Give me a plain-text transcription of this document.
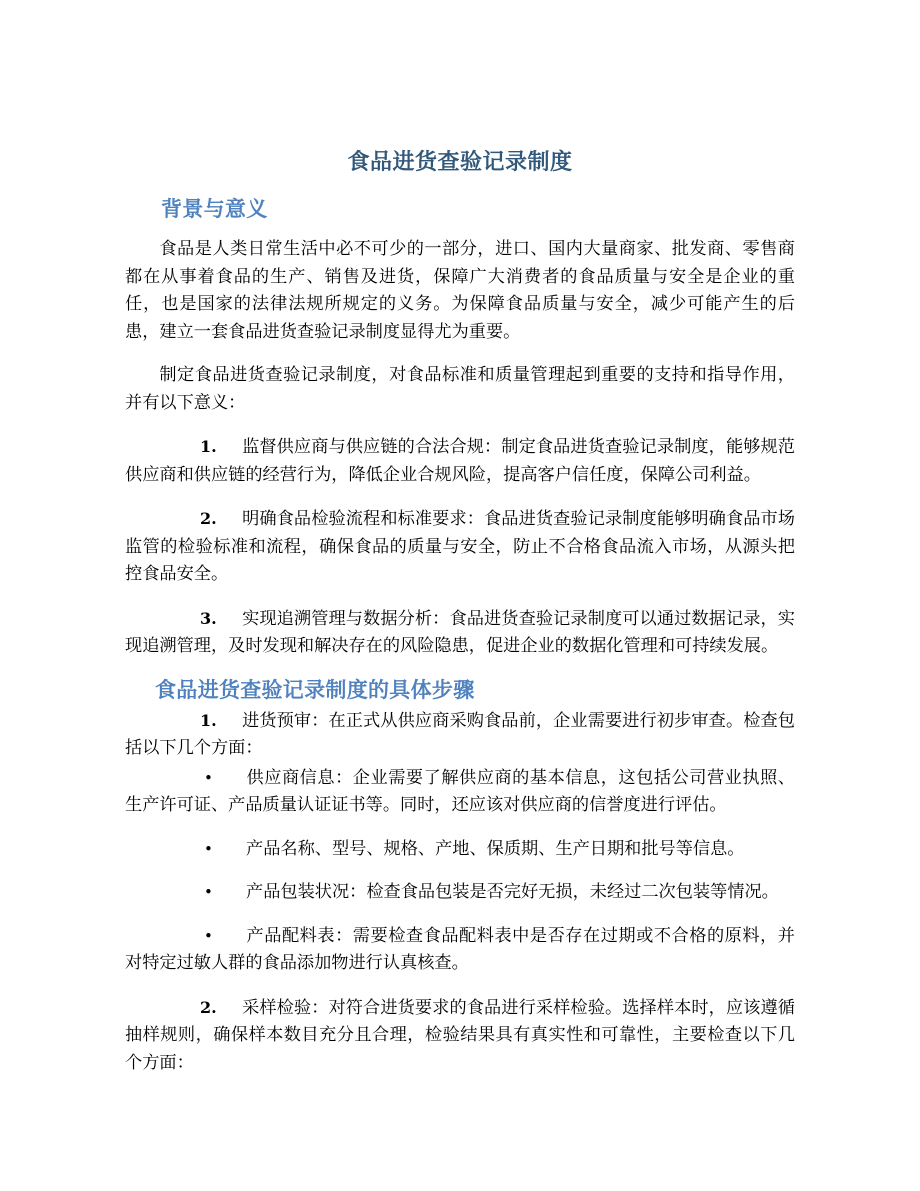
食品进货查验记录制度
背景与意义

食品是人类日常生活中必不可少的一部分，进口、国内大量商家、批发商、零售商都在从事着食品的生产、销售及进货，保障广大消费者的食品质量与安全是企业的重任，也是国家的法律法规所规定的义务。为保障食品质量与安全，减少可能产生的后患，建立一套食品进货查验记录制度显得尤为重要。

制定食品进货查验记录制度，对食品标准和质量管理起到重要的支持和指导作用，并有以下意义：

1. 监督供应商与供应链的合法合规：制定食品进货查验记录制度，能够规范供应商和供应链的经营行为，降低企业合规风险，提高客户信任度，保障公司利益。
2. 明确食品检验流程和标准要求：食品进货查验记录制度能够明确食品市场监管的检验标准和流程，确保食品的质量与安全，防止不合格食品流入市场，从源头把控食品安全。
3. 实现追溯管理与数据分析：食品进货查验记录制度可以通过数据记录，实现追溯管理，及时发现和解决存在的风险隐患，促进企业的数据化管理和可持续发展。
食品进货查验记录制度的具体步骤
1. 进货预审：在正式从供应商采购食品前，企业需要进行初步审查。检查包括以下几个方面：
• 供应商信息：企业需要了解供应商的基本信息，这包括公司营业执照、生产许可证、产品质量认证证书等。同时，还应该对供应商的信誉度进行评估。
• 产品名称、型号、规格、产地、保质期、生产日期和批号等信息。
• 产品包装状况：检查食品包装是否完好无损，未经过二次包装等情况。
• 产品配料表：需要检查食品配料表中是否存在过期或不合格的原料，并对特定过敏人群的食品添加物进行认真核查。
2. 采样检验：对符合进货要求的食品进行采样检验。选择样本时，应该遵循抽样规则，确保样本数目充分且合理，检验结果具有真实性和可靠性，主要检查以下几个方面：
